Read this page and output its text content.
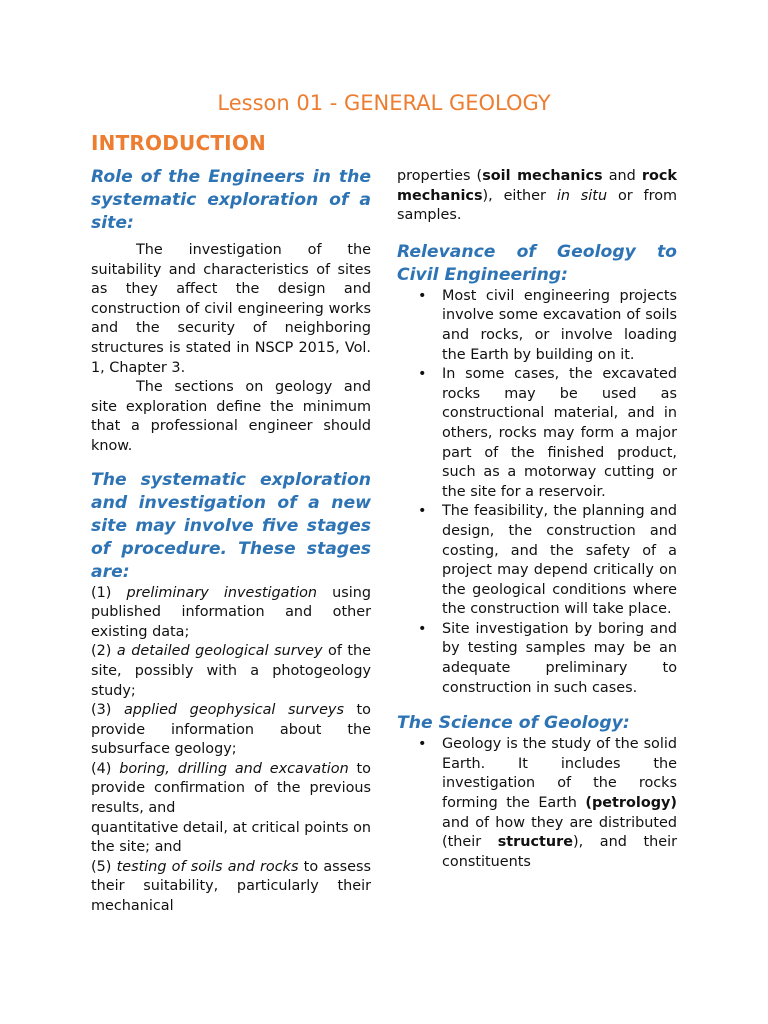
Lesson 01 - GENERAL GEOLOGY
INTRODUCTION
Role of the Engineers in the systematic exploration of a site:

The investigation of the suitability and characteristics of sites as they affect the design and construction of civil engineering works and the security of neighboring structures is stated in NSCP 2015, Vol. 1, Chapter 3.

The sections on geology and site exploration define the minimum that a professional engineer should know.

The systematic exploration and investigation of a new site may involve five stages of procedure. These stages are:

(1) preliminary investigation using published information and other existing data;

(2) a detailed geological survey of the site, possibly with a photogeology study;

(3) applied geophysical surveys to provide information about the subsurface geology;

(4) boring, drilling and excavation to provide confirmation of the previous results, and

quantitative detail, at critical points on the site; and

(5) testing of soils and rocks to assess their suitability, particularly their mechanical

properties (soil mechanics and rock mechanics), either in situ or from samples.

Relevance of Geology to Civil Engineering:
• Most civil engineering projects involve some excavation of soils and rocks, or involve loading the Earth by building on it.
• In some cases, the excavated rocks may be used as constructional material, and in others, rocks may form a major part of the finished product, such as a motorway cutting or the site for a reservoir.
• The feasibility, the planning and design, the construction and costing, and the safety of a project may depend critically on the geological conditions where the construction will take place.
• Site investigation by boring and by testing samples may be an adequate preliminary to construction in such cases.
The Science of Geology:
• Geology is the study of the solid Earth. It includes the investigation of the rocks forming the Earth (petrology) and of how they are distributed (their structure), and their constituents
